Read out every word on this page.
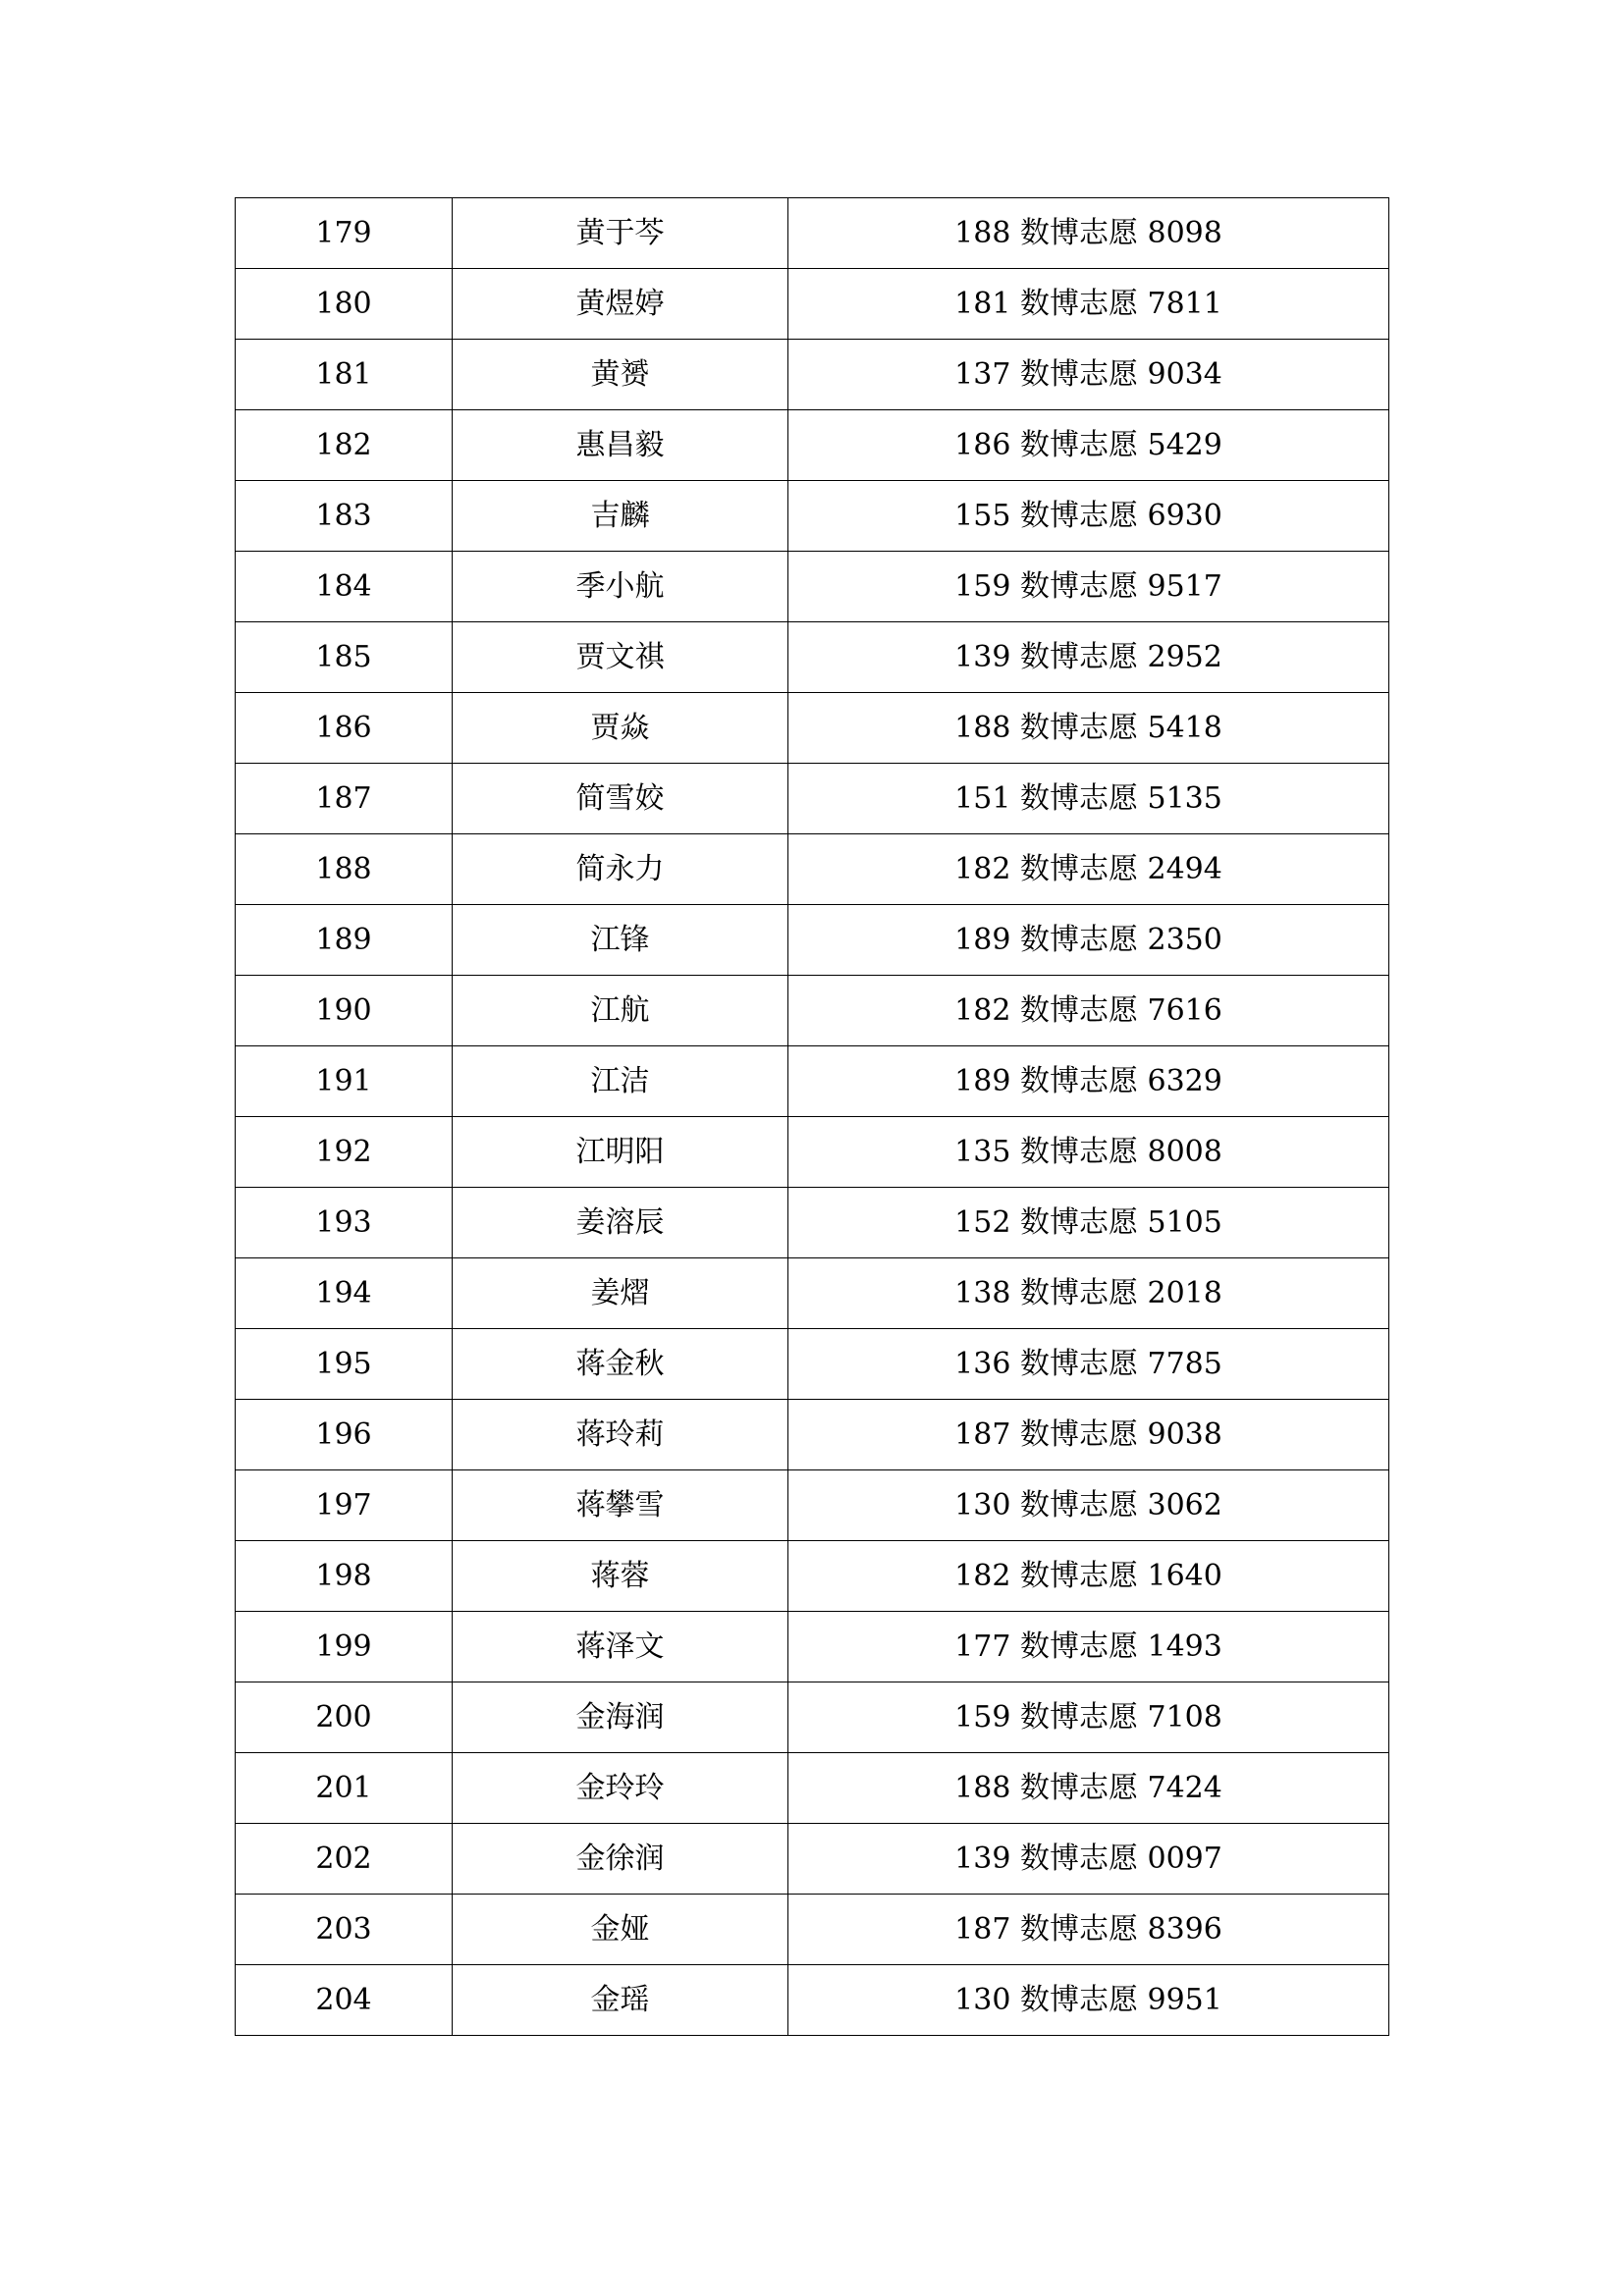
179	黄于芩	188 数博志愿 8098
180	黄煜婷	181 数博志愿 7811
181	黄赟	137 数博志愿 9034
182	惠昌毅	186 数博志愿 5429
183	吉麟	155 数博志愿 6930
184	季小航	159 数博志愿 9517
185	贾文祺	139 数博志愿 2952
186	贾焱	188 数博志愿 5418
187	简雪姣	151 数博志愿 5135
188	简永力	182 数博志愿 2494
189	江锋	189 数博志愿 2350
190	江航	182 数博志愿 7616
191	江洁	189 数博志愿 6329
192	江明阳	135 数博志愿 8008
193	姜溶辰	152 数博志愿 5105
194	姜熠	138 数博志愿 2018
195	蒋金秋	136 数博志愿 7785
196	蒋玲莉	187 数博志愿 9038
197	蒋攀雪	130 数博志愿 3062
198	蒋蓉	182 数博志愿 1640
199	蒋泽文	177 数博志愿 1493
200	金海润	159 数博志愿 7108
201	金玲玲	188 数博志愿 7424
202	金徐润	139 数博志愿 0097
203	金娅	187 数博志愿 8396
204	金瑶	130 数博志愿 9951
